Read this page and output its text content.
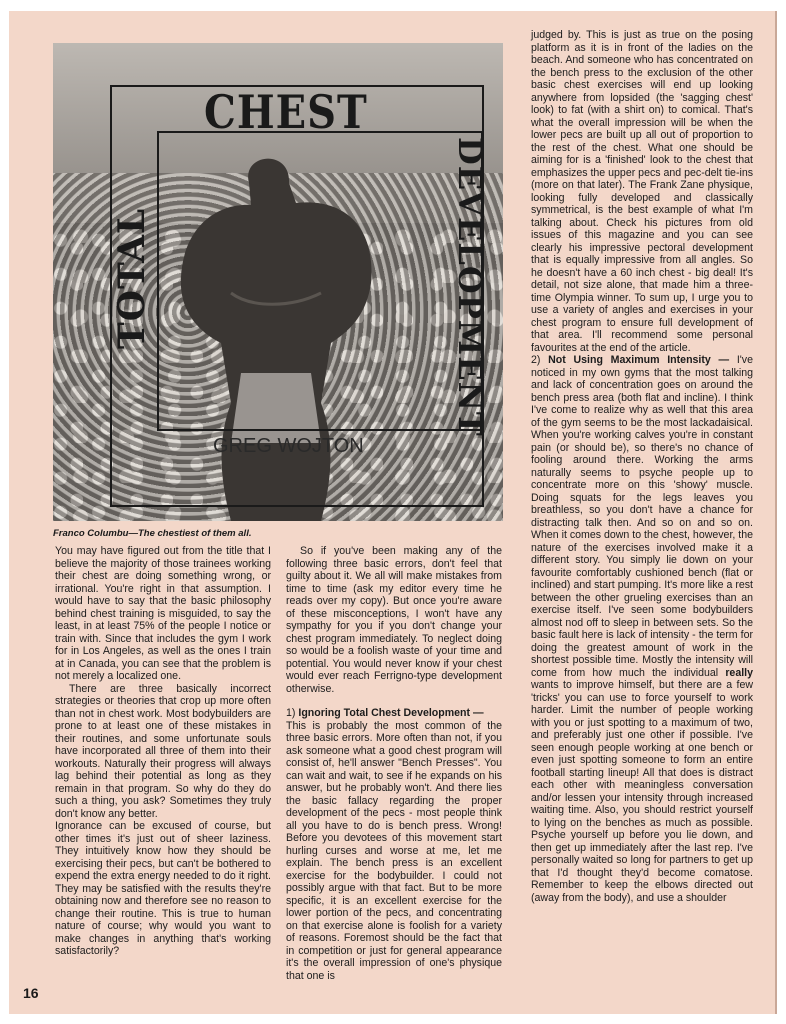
CHEST
TOTAL	DEVELOPMENT
GREG WOJTON
Franco Columbu—The chestiest of them all.

You may have figured out from the title that I believe the majority of those trainees working their chest are doing something wrong, or irrational. You're right in that assumption. I would have to say that the basic philosophy behind chest training is misguided, to say the least, in at least 75% of the people I notice or train with. Since that includes the gym I work for in Los Angeles, as well as the ones I train at in Canada, you can see that the problem is not merely a localized one.

There are three basically incorrect strategies or theories that crop up more often than not in chest work. Most bodybuilders are prone to at least one of these mistakes in their routines, and some unfortunate souls have incorporated all three of them into their workouts. Naturally their progress will always lag behind their potential as long as they remain in that program. So why do they do such a thing, you ask? Sometimes they truly don't know any better.

Ignorance can be excused of course, but other times it's just out of sheer laziness. They intuitively know how they should be exercising their pecs, but can't be bothered to expend the extra energy needed to do it right. They may be satisfied with the results they're obtaining now and therefore see no reason to change their routine. This is true to human nature of course; why would you want to make changes in anything that's working satisfactorily?

So if you've been making any of the following three basic errors, don't feel that guilty about it. We all will make mistakes from time to time (ask my editor every time he reads over my copy). But once you're aware of these misconceptions, I won't have any sympathy for you if you don't change your chest program immediately. To neglect doing so would be a foolish waste of your time and potential. You would never know if your chest would ever reach Ferrigno-type development otherwise.

1) Ignoring Total Chest Development —

This is probably the most common of the three basic errors. More often than not, if you ask someone what a good chest program will consist of, he'll answer "Bench Presses". You can wait and wait, to see if he expands on his answer, but he probably won't. And there lies the basic fallacy regarding the proper development of the pecs - most people think all you have to do is bench press. Wrong! Before you devotees of this movement start hurling curses and worse at me, let me explain. The bench press is an excellent exercise for the bodybuilder. I could not possibly argue with that fact. But to be more specific, it is an excellent exercise for the lower portion of the pecs, and concentrating on that exercise alone is foolish for a variety of reasons. Foremost should be the fact that in competition or just for general appearance it's the overall impression of one's physique that one is

judged by. This is just as true on the posing platform as it is in front of the ladies on the beach. And someone who has concentrated on the bench press to the exclusion of the other basic chest exercises will end up looking anywhere from lopsided (the 'sagging chest' look) to fat (with a shirt on) to comical. That's what the overall impression will be when the lower pecs are built up all out of proportion to the rest of the chest. What one should be aiming for is a 'finished' look to the chest that emphasizes the upper pecs and pec-delt tie-ins (more on that later). The Frank Zane physique, looking fully developed and classically symmetrical, is the best example of what I'm talking about. Check his pictures from old issues of this magazine and you can see clearly his impressive pectoral development that is equally impressive from all angles. So he doesn't have a 60 inch chest - big deal! It's detail, not size alone, that made him a three-time Olympia winner. To sum up, I urge you to use a variety of angles and exercises in your chest program to ensure full development of that area. I'll recommend some personal favourites at the end of the article.

2) Not Using Maximum Intensity — I've noticed in my own gyms that the most talking and lack of concentration goes on around the bench press area (both flat and incline). I think I've come to realize why as well that this area of the gym seems to be the most lackadaisical. When you're working calves you're in constant pain (or should be), so there's no chance of fooling around there. Working the arms naturally seems to psyche people up to concentrate more on this 'showy' muscle. Doing squats for the legs leaves you breathless, so you don't have a chance for distracting talk then. And so on and so on. When it comes down to the chest, however, the nature of the exercises involved make it a different story. You simply lie down on your favourite comfortably cushioned bench (flat or inclined) and start pumping. It's more like a rest between the other grueling exercises than an exercise itself. I've seen some bodybuilders almost nod off to sleep in between sets. So the basic fault here is lack of intensity - the term for doing the greatest amount of work in the shortest possible time. Mostly the intensity will come from how much the individual really wants to improve himself, but there are a few 'tricks' you can use to force yourself to work harder. Limit the number of people working with you or just spotting to a maximum of two, and preferably just one other if possible. I've seen enough people working at one bench or even just spotting someone to form an entire football starting lineup! All that does is distract each other with meaningless conversation and/or lessen your intensity through increased waiting time. Also, you should restrict yourself to lying on the benches as much as possible. Psyche yourself up before you lie down, and then get up immediately after the last rep. I've personally waited so long for partners to get up that I'd thought they'd become comatose. Remember to keep the elbows directed out (away from the body), and use a shoulder

16
